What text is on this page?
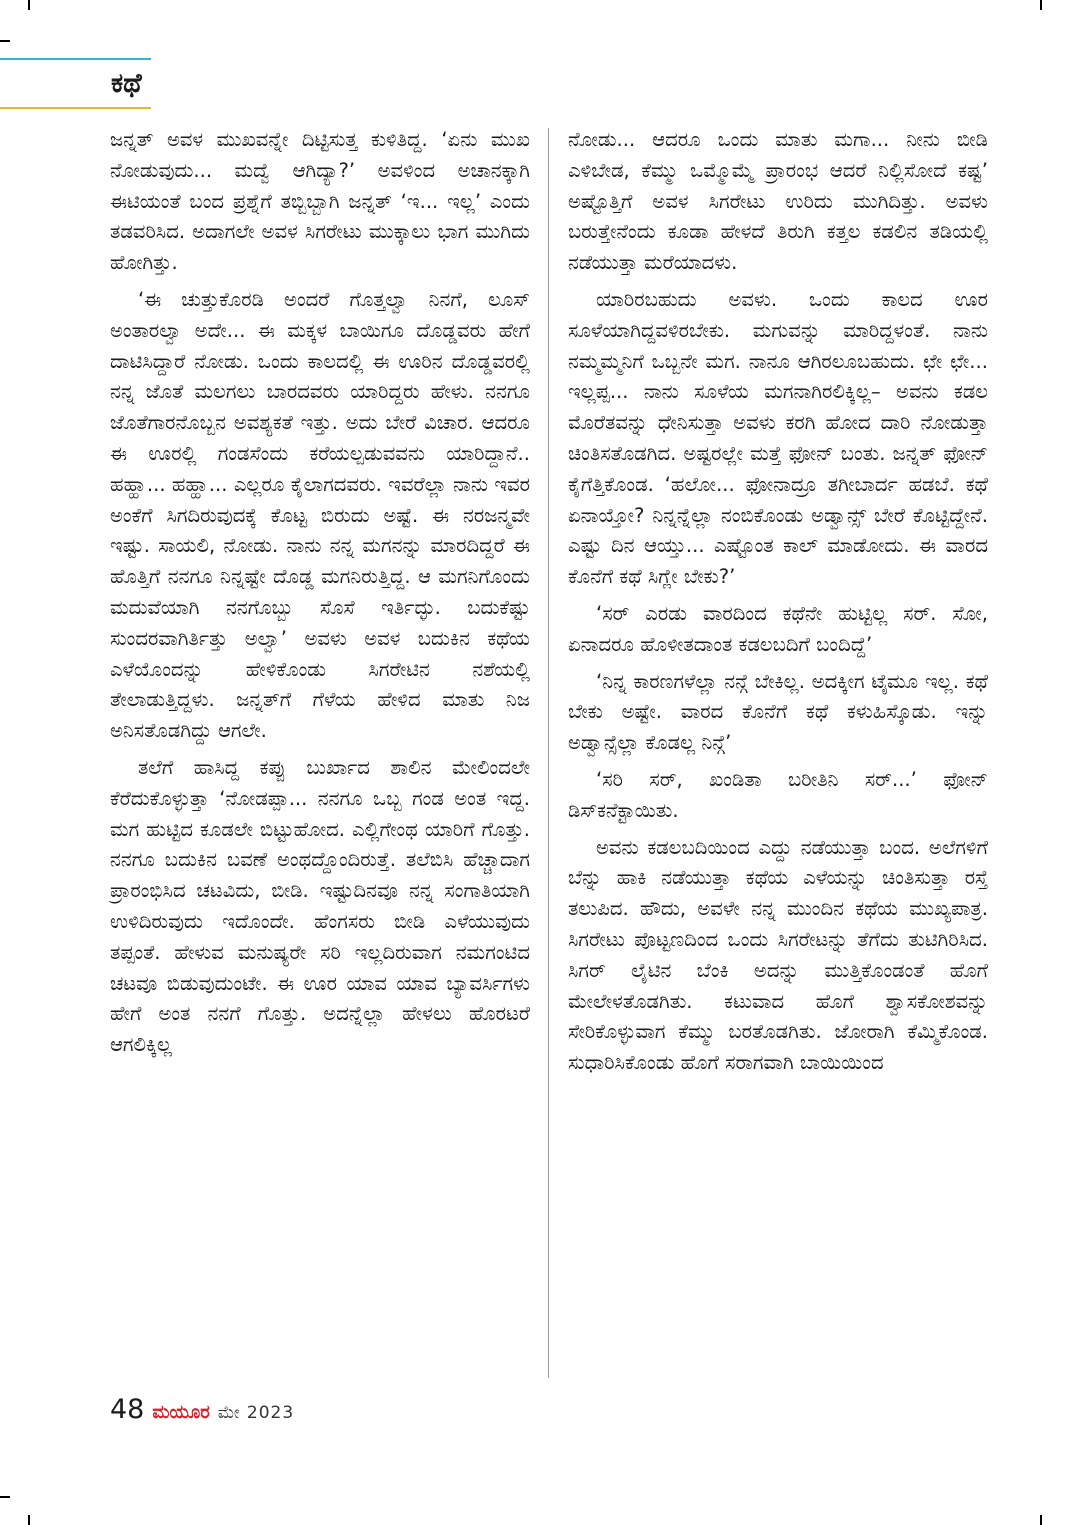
ಕಥೆ

ಜನ್ನತ್ ಅವಳ ಮುಖವನ್ನೇ ದಿಟ್ಟಿಸುತ್ತ ಕುಳಿತಿದ್ದ. ‘ಏನು ಮುಖ ನೋಡುವುದು... ಮದ್ವೆ ಆಗಿದ್ಯಾ?’ ಅವಳಿಂದ ಅಚಾನಕ್ಕಾಗಿ ಈಟಿಯಂತೆ ಬಂದ ಪ್ರಶ್ನೆಗೆ ತಬ್ಬಿಬ್ಬಾಗಿ ಜನ್ನತ್ ‘ಇ... ಇಲ್ಲ’ ಎಂದು ತಡವರಿಸಿದ. ಅದಾಗಲೇ ಅವಳ ಸಿಗರೇಟು ಮುಕ್ಕಾಲು ಭಾಗ ಮುಗಿದು ಹೋಗಿತ್ತು.

‘ಈ ಚುತ್ತುಕೊರಡಿ ಅಂದರೆ ಗೊತ್ತಲ್ವಾ ನಿನಗೆ, ಲೂಸ್ ಅಂತಾರಲ್ವಾ ಅದೇ... ಈ ಮಕ್ಕಳ ಬಾಯಿಗೂ ದೊಡ್ಡವರು ಹೇಗೆ ದಾಟಿಸಿದ್ದಾರೆ ನೋಡು. ಒಂದು ಕಾಲದಲ್ಲಿ ಈ ಊರಿನ ದೊಡ್ಡವರಲ್ಲಿ ನನ್ನ ಜೊತೆ ಮಲಗಲು ಬಾರದವರು ಯಾರಿದ್ದರು ಹೇಳು. ನನಗೂ ಜೊತೆಗಾರನೊಬ್ಬನ ಅವಶ್ಯಕತೆ ಇತ್ತು. ಅದು ಬೇರೆ ವಿಚಾರ. ಆದರೂ ಈ ಊರಲ್ಲಿ ಗಂಡಸೆಂದು ಕರೆಯಲ್ಪಡುವವನು ಯಾರಿದ್ದಾನೆ.. ಹಹ್ಹಾ... ಹಹ್ಹಾ... ಎಲ್ಲರೂ ಕೈಲಾಗದವರು. ಇವರೆಲ್ಲಾ ನಾನು ಇವರ ಅಂಕೆಗೆ ಸಿಗದಿರುವುದಕ್ಕೆ ಕೊಟ್ಟ ಬಿರುದು ಅಷ್ಟೆ. ಈ ನರಜನ್ಮವೇ ಇಷ್ಟು. ಸಾಯಲಿ, ನೋಡು. ನಾನು ನನ್ನ ಮಗನನ್ನು ಮಾರದಿದ್ದರೆ ಈ ಹೊತ್ತಿಗೆ ನನಗೂ ನಿನ್ನಷ್ಟೇ ದೊಡ್ಡ ಮಗನಿರುತ್ತಿದ್ದ. ಆ ಮಗನಿಗೊಂದು ಮದುವೆಯಾಗಿ ನನಗೊಬ್ಬು ಸೊಸೆ ಇರ್ತಿದ್ಳು. ಬದುಕೆಷ್ಟು ಸುಂದರವಾಗಿರ್ತಿತ್ತು ಅಲ್ವಾ’ ಅವಳು ಅವಳ ಬದುಕಿನ ಕಥೆಯ ಎಳೆಯೊಂದನ್ನು ಹೇಳಿಕೊಂಡು ಸಿಗರೇಟಿನ ನಶೆಯಲ್ಲಿ ತೇಲಾಡುತ್ತಿದ್ದಳು. ಜನ್ನತ್‌ಗೆ ಗೆಳೆಯ ಹೇಳಿದ ಮಾತು ನಿಜ ಅನಿಸತೊಡಗಿದ್ದು ಆಗಲೇ.

ತಲೆಗೆ ಹಾಸಿದ್ದ ಕಪ್ಪು ಬುರ್ಖಾದ ಶಾಲಿನ ಮೇಲಿಂದಲೇ ಕೆರೆದುಕೊಳ್ಳುತ್ತಾ ‘ನೋಡಪ್ಪಾ... ನನಗೂ ಒಬ್ಬ ಗಂಡ ಅಂತ ಇದ್ದ. ಮಗ ಹುಟ್ಟಿದ ಕೂಡಲೇ ಬಿಟ್ಟುಹೋದ. ಎಲ್ಲಿಗೇಂಥ ಯಾರಿಗೆ ಗೊತ್ತು. ನನಗೂ ಬದುಕಿನ ಬವಣೆ ಅಂಥದ್ದೊಂದಿರುತ್ತೆ. ತಲೆಬಿಸಿ ಹೆಚ್ಚಾದಾಗ ಪ್ರಾರಂಭಿಸಿದ ಚಟವಿದು, ಬೀಡಿ. ಇಷ್ಟುದಿನವೂ ನನ್ನ ಸಂಗಾತಿಯಾಗಿ ಉಳಿದಿರುವುದು ಇದೊಂದೇ. ಹೆಂಗಸರು ಬೀಡಿ ಎಳೆಯುವುದು ತಪ್ಪಂತೆ. ಹೇಳುವ ಮನುಷ್ಯರೇ ಸರಿ ಇಲ್ಲದಿರುವಾಗ ನಮಗಂಟಿದ ಚಟವೂ ಬಿಡುವುದುಂಟೇ. ಈ ಊರ ಯಾವ ಯಾವ ಬ್ಯಾವರ್ಸಿಗಳು ಹೇಗೆ ಅಂತ ನನಗೆ ಗೊತ್ತು. ಅದನ್ನೆಲ್ಲಾ ಹೇಳಲು ಹೊರಟರೆ ಆಗಲಿಕ್ಕಿಲ್ಲ

ನೋಡು... ಆದರೂ ಒಂದು ಮಾತು ಮಗಾ... ನೀನು ಬೀಡಿ ಎಳಿಬೇಡ, ಕೆಮ್ಮು ಒಮ್ಮೊಮ್ಮೆ ಪ್ರಾರಂಭ ಆದರೆ ನಿಲ್ಲಿಸೋದೆ ಕಷ್ಟ’ ಅಷ್ಟೊತ್ತಿಗೆ ಅವಳ ಸಿಗರೇಟು ಉರಿದು ಮುಗಿದಿತ್ತು. ಅವಳು ಬರುತ್ತೇನೆಂದು ಕೂಡಾ ಹೇಳದೆ ತಿರುಗಿ ಕತ್ತಲ ಕಡಲಿನ ತಡಿಯಲ್ಲಿ ನಡೆಯುತ್ತಾ ಮರೆಯಾದಳು.

ಯಾರಿರಬಹುದು ಅವಳು. ಒಂದು ಕಾಲದ ಊರ ಸೂಳೆಯಾಗಿದ್ದವಳಿರಬೇಕು. ಮಗುವನ್ನು ಮಾರಿದ್ದಳಂತೆ. ನಾನು ನಮ್ಮಮ್ಮನಿಗೆ ಒಬ್ಬನೇ ಮಗ. ನಾನೂ ಆಗಿರಲೂಬಹುದು. ಛೇ ಛೇ... ಇಲ್ಲಪ್ಪ... ನಾನು ಸೂಳೆಯ ಮಗನಾಗಿರಲಿಕ್ಕಿಲ್ಲ– ಅವನು ಕಡಲ ಮೊರೆತವನ್ನು ಧೇನಿಸುತ್ತಾ ಅವಳು ಕರಗಿ ಹೋದ ದಾರಿ ನೋಡುತ್ತಾ ಚಿಂತಿಸತೊಡಗಿದ. ಅಷ್ಟರಲ್ಲೇ ಮತ್ತೆ ಫೋನ್ ಬಂತು. ಜನ್ನತ್ ಫೋನ್ ಕೈಗೆತ್ತಿಕೊಂಡ. ‘ಹಲೋ... ಫೋನಾದ್ರೂ ತಗೀಬಾರ್ದ ಹಡಬೆ. ಕಥೆ ಏನಾಯ್ತೋ? ನಿನ್ನನ್ನೆಲ್ಲಾ ನಂಬಿಕೊಂಡು ಅಡ್ವಾನ್ಸ್ ಬೇರೆ ಕೊಟ್ಟಿದ್ದೇನೆ. ಎಷ್ಟು ದಿನ ಆಯ್ತು... ಎಷ್ಟೊಂತ ಕಾಲ್ ಮಾಡೋದು. ಈ ವಾರದ ಕೊನೆಗೆ ಕಥೆ ಸಿಗ್ಲೇ ಬೇಕು?’

‘ಸರ್ ಎರಡು ವಾರದಿಂದ ಕಥೆನೇ ಹುಟ್ಟಿಲ್ಲ ಸರ್. ಸೋ, ಏನಾದರೂ ಹೊಳೀತದಾಂತ ಕಡಲಬದಿಗೆ ಬಂದಿದ್ದೆ’

‘ನಿನ್ನ ಕಾರಣಗಳೆಲ್ಲಾ ನನ್ಗೆ ಬೇಕಿಲ್ಲ. ಅದಕ್ಕೀಗ ಟೈಮೂ ಇಲ್ಲ. ಕಥೆ ಬೇಕು ಅಷ್ಟೇ. ವಾರದ ಕೊನೆಗೆ ಕಥೆ ಕಳುಹಿಸ್ಕೊಡು. ಇನ್ನು ಅಡ್ವಾನ್ಸೆಲ್ಲಾ ಕೊಡಲ್ಲ ನಿನ್ಗೆ’

‘ಸರಿ ಸರ್, ಖಂಡಿತಾ ಬರೀತಿನಿ ಸರ್...’ ಫೋನ್ ಡಿಸ್‌ಕನೆಕ್ಟಾಯಿತು.

ಅವನು ಕಡಲಬದಿಯಿಂದ ಎದ್ದು ನಡೆಯುತ್ತಾ ಬಂದ. ಅಲೆಗಳಿಗೆ ಬೆನ್ನು ಹಾಕಿ ನಡೆಯುತ್ತಾ ಕಥೆಯ ಎಳೆಯನ್ನು ಚಿಂತಿಸುತ್ತಾ ರಸ್ತೆ ತಲುಪಿದ. ಹೌದು, ಅವಳೇ ನನ್ನ ಮುಂದಿನ ಕಥೆಯ ಮುಖ್ಯಪಾತ್ರ. ಸಿಗರೇಟು ಪೊಟ್ಟಣದಿಂದ ಒಂದು ಸಿಗರೇಟನ್ನು ತೆಗೆದು ತುಟಿಗಿರಿಸಿದ. ಸಿಗರ್ ಲೈಟಿನ ಬೆಂಕಿ ಅದನ್ನು ಮುತ್ತಿಕೊಂಡಂತೆ ಹೊಗೆ ಮೇಲೇಳತೊಡಗಿತು. ಕಟುವಾದ ಹೊಗೆ ಶ್ವಾಸಕೋಶವನ್ನು ಸೇರಿಕೊಳ್ಳುವಾಗ ಕೆಮ್ಮು ಬರತೊಡಗಿತು. ಜೋರಾಗಿ ಕೆಮ್ಮಿಕೊಂಡ. ಸುಧಾರಿಸಿಕೊಂಡು ಹೊಗೆ ಸರಾಗವಾಗಿ ಬಾಯಿಯಿಂದ

48 ಮಯೂರ ಮೇ 2023
